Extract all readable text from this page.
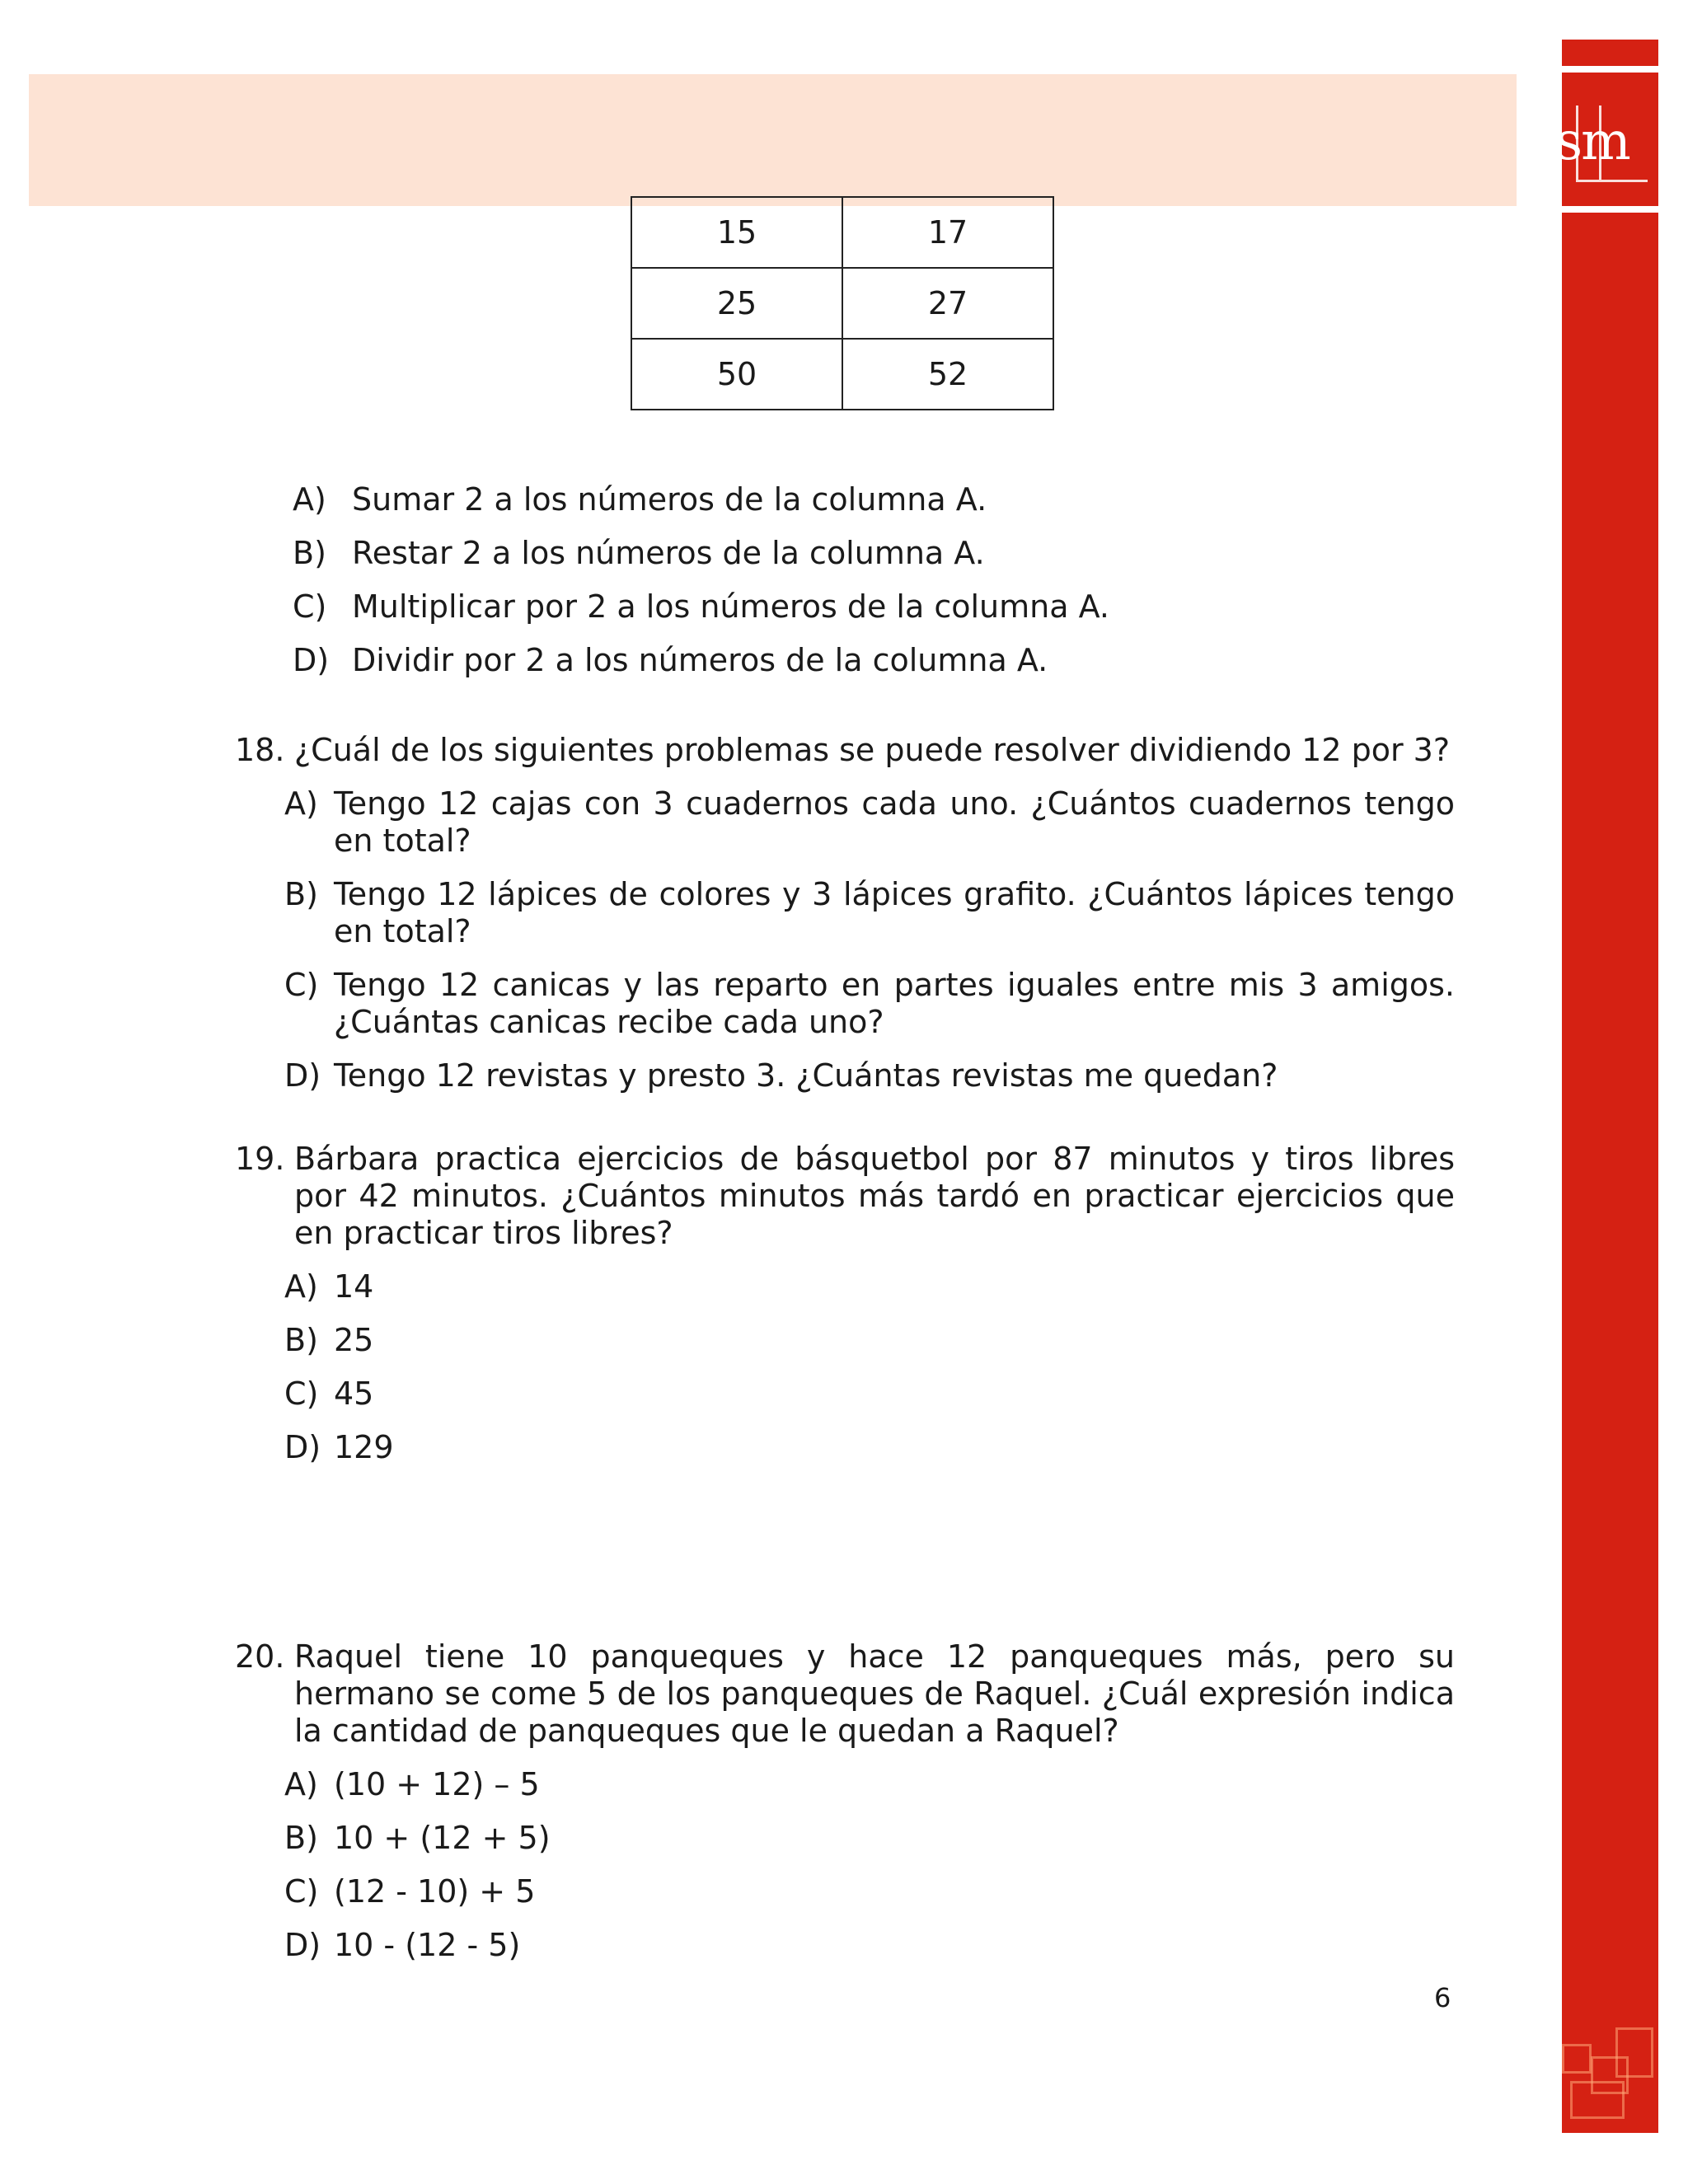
sm
15	17
25	27
50	52
A) Sumar 2 a los números de la columna A.
B) Restar 2 a los números de la columna A.
C) Multiplicar por 2 a los números de la columna A.
D) Dividir por 2 a los números de la columna A.
18. ¿Cuál de los siguientes problemas se puede resolver dividiendo 12 por 3?
A) Tengo 12 cajas con 3 cuadernos cada uno. ¿Cuántos cuadernos tengo en total?
B) Tengo 12 lápices de colores y 3 lápices grafito. ¿Cuántos lápices tengo en total?
C) Tengo 12 canicas y las reparto en partes iguales entre mis 3 amigos. ¿Cuántas canicas recibe cada uno?
D) Tengo 12 revistas y presto 3. ¿Cuántas revistas me quedan?
19. Bárbara practica ejercicios de básquetbol por 87 minutos y tiros libres por 42 minutos. ¿Cuántos minutos más tardó en practicar ejercicios que en practicar tiros libres?
A) 14
B) 25
C) 45
D) 129
20. Raquel tiene 10 panqueques y hace 12 panqueques más, pero su hermano se come 5 de los panqueques de Raquel. ¿Cuál expresión indica la cantidad de panqueques que le quedan a Raquel?
A) (10 + 12) – 5
B) 10 + (12 + 5)
C) (12 - 10) + 5
D) 10 - (12 - 5)
6
